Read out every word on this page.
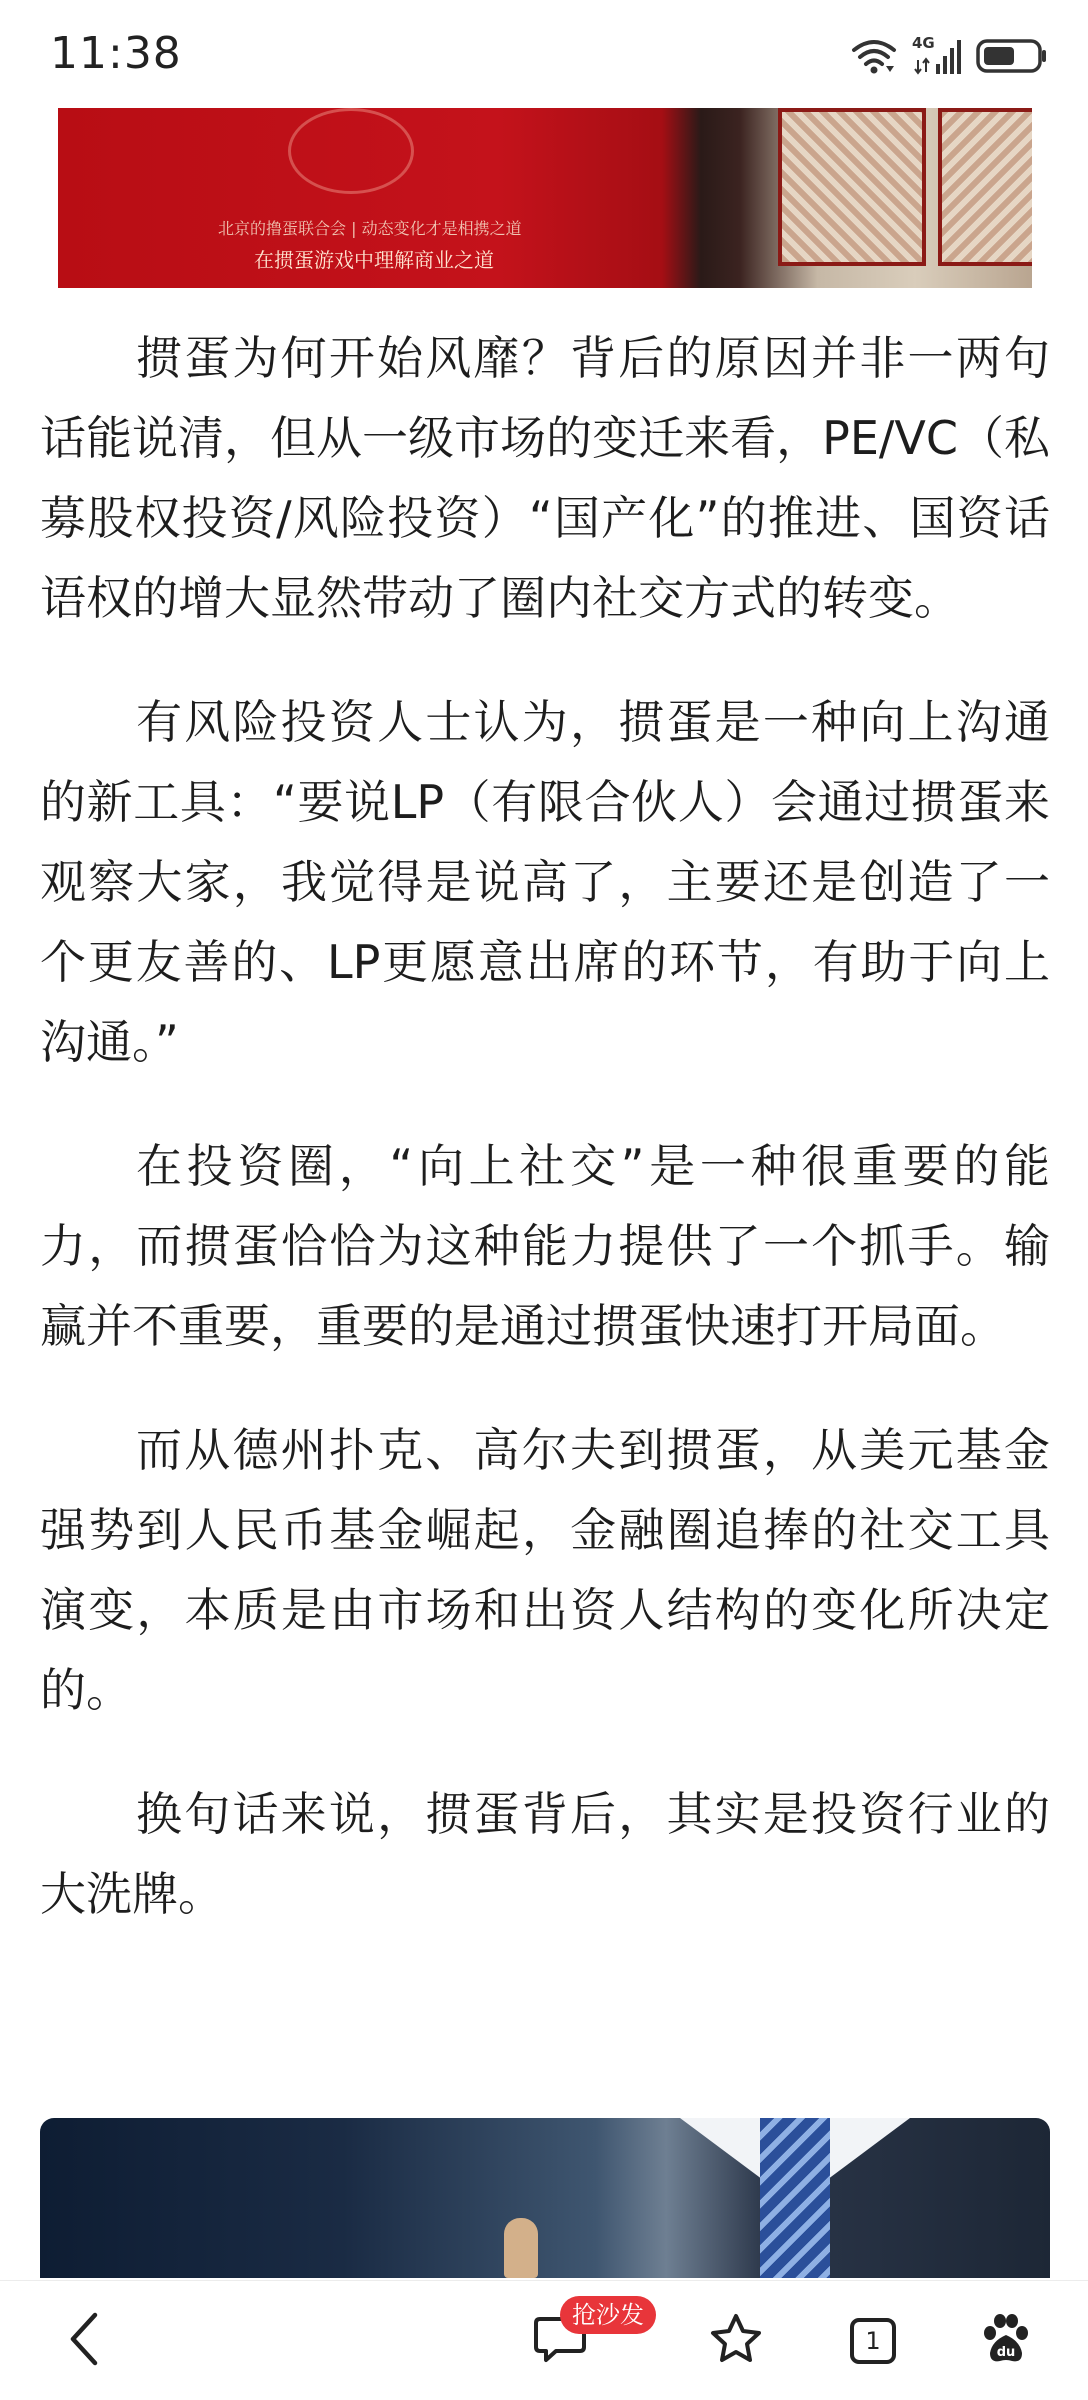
11:38	4G
北京的撸蛋联合会 | 动态变化才是相携之道
在掼蛋游戏中理解商业之道

掼蛋为何开始风靡？背后的原因并非一两句话能说清，但从一级市场的变迁来看，PE/VC（私募股权投资/风险投资）“国产化”的推进、国资话语权的增大显然带动了圈内社交方式的转变。

有风险投资人士认为，掼蛋是一种向上沟通的新工具：“要说LP（有限合伙人）会通过掼蛋来观察大家，我觉得是说高了，主要还是创造了一个更友善的、LP更愿意出席的环节，有助于向上沟通。”

在投资圈，“向上社交”是一种很重要的能力，而掼蛋恰恰为这种能力提供了一个抓手。输赢并不重要，重要的是通过掼蛋快速打开局面。

而从德州扑克、高尔夫到掼蛋，从美元基金强势到人民币基金崛起，金融圈追捧的社交工具演变，本质是由市场和出资人结构的变化所决定的。

换句话来说，掼蛋背后，其实是投资行业的大洗牌。

1	du
抢沙发
